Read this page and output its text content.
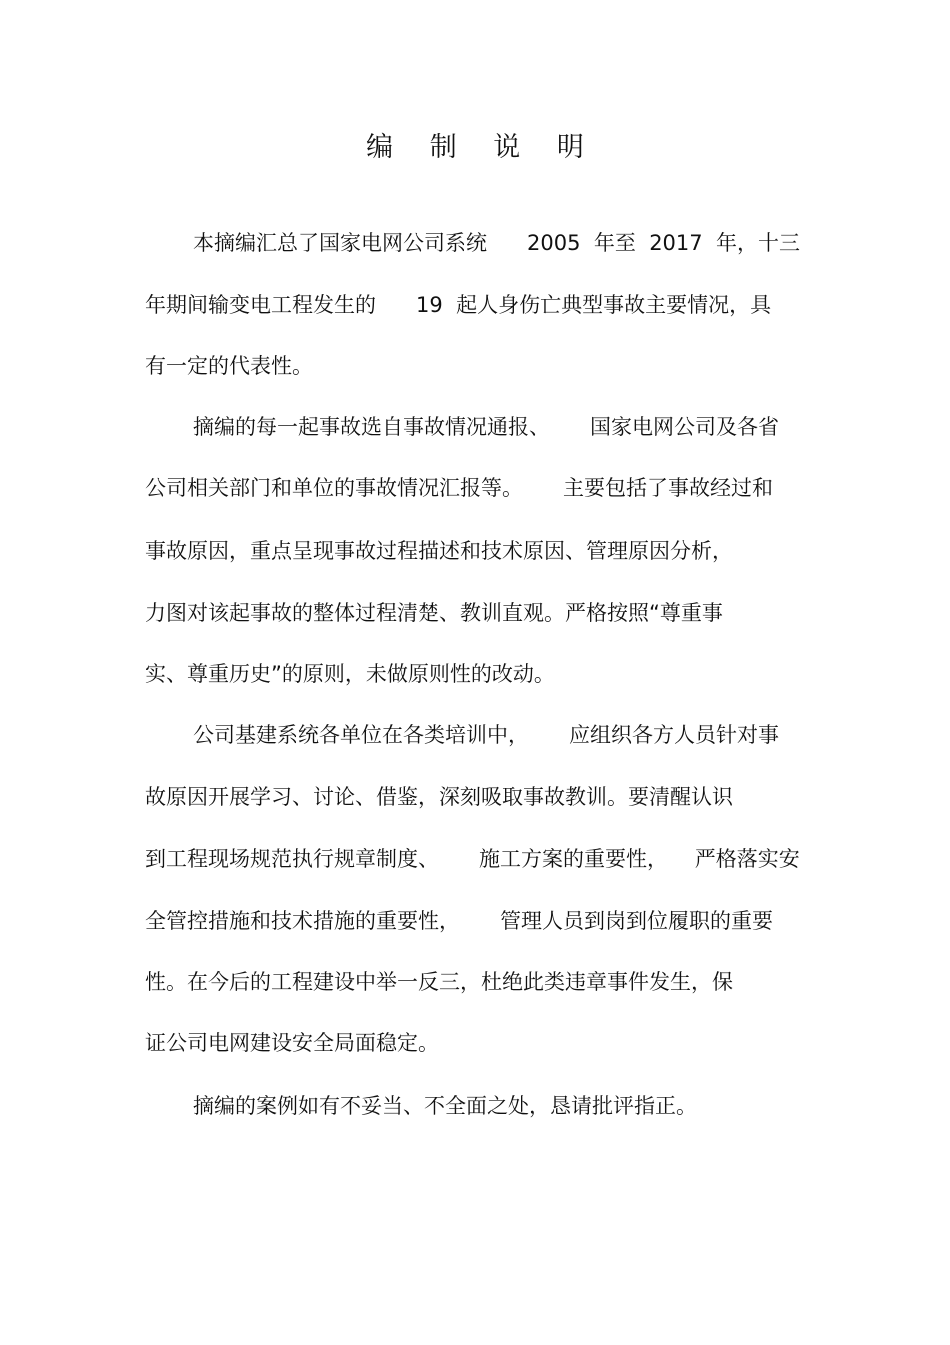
编 制 说 明
本摘编汇总了国家电网公司系统      2005  年至  2017  年，十三
年期间输变电工程发生的      19  起人身伤亡典型事故主要情况，具
有一定的代表性。
摘编的每一起事故选自事故情况通报、      国家电网公司及各省
公司相关部门和单位的事故情况汇报等。      主要包括了事故经过和
事故原因，重点呈现事故过程描述和技术原因、管理原因分析，
力图对该起事故的整体过程清楚、教训直观。严格按照“尊重事
实、尊重历史”的原则，未做原则性的改动。
公司基建系统各单位在各类培训中，      应组织各方人员针对事
故原因开展学习、讨论、借鉴，深刻吸取事故教训。要清醒认识
到工程现场规范执行规章制度、      施工方案的重要性，    严格落实安
全管控措施和技术措施的重要性，      管理人员到岗到位履职的重要
性。在今后的工程建设中举一反三，杜绝此类违章事件发生，保
证公司电网建设安全局面稳定。
摘编的案例如有不妥当、不全面之处，恳请批评指正。
